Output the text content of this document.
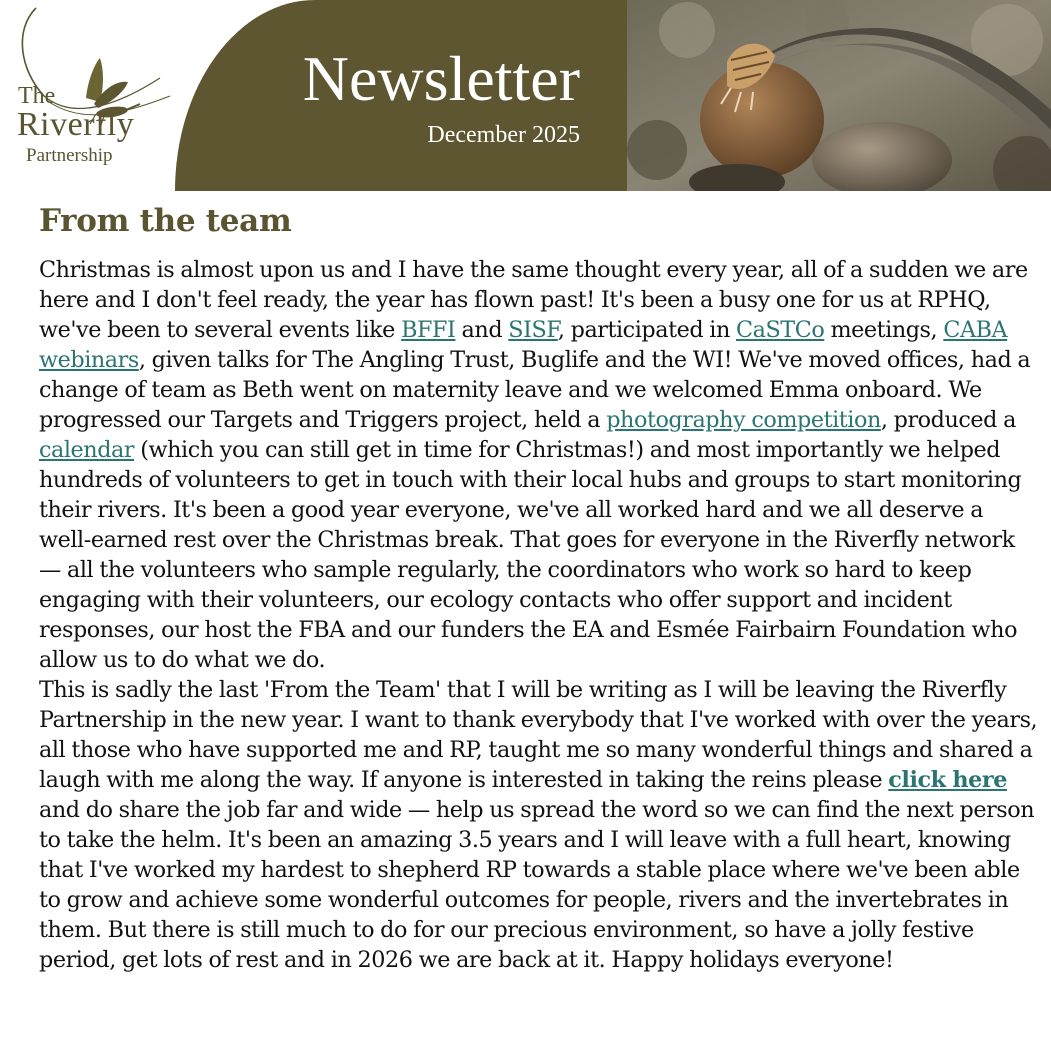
The
Riverfly
Partnership
Newsletter
December 2025
From the team

Christmas is almost upon us and I have the same thought every year, all of a sudden we are here and I don't feel ready, the year has flown past! It's been a busy one for us at RPHQ, we've been to several events like BFFI and SISF, participated in CaSTCo meetings, CABA webinars, given talks for The Angling Trust, Buglife and the WI! We've moved offices, had a change of team as Beth went on maternity leave and we welcomed Emma onboard. We progressed our Targets and Triggers project, held a photography competition, produced a calendar (which you can still get in time for Christmas!) and most importantly we helped hundreds of volunteers to get in touch with their local hubs and groups to start monitoring their rivers. It's been a good year everyone, we've all worked hard and we all deserve a well-earned rest over the Christmas break. That goes for everyone in the Riverfly network — all the volunteers who sample regularly, the coordinators who work so hard to keep engaging with their volunteers, our ecology contacts who offer support and incident responses, our host the FBA and our funders the EA and Esmée Fairbairn Foundation who allow us to do what we do.

This is sadly the last 'From the Team' that I will be writing as I will be leaving the Riverfly Partnership in the new year. I want to thank everybody that I've worked with over the years, all those who have supported me and RP, taught me so many wonderful things and shared a laugh with me along the way. If anyone is interested in taking the reins please click here and do share the job far and wide — help us spread the word so we can find the next person to take the helm. It's been an amazing 3.5 years and I will leave with a full heart, knowing that I've worked my hardest to shepherd RP towards a stable place where we've been able to grow and achieve some wonderful outcomes for people, rivers and the invertebrates in them. But there is still much to do for our precious environment, so have a jolly festive period, get lots of rest and in 2026 we are back at it. Happy holidays everyone!
